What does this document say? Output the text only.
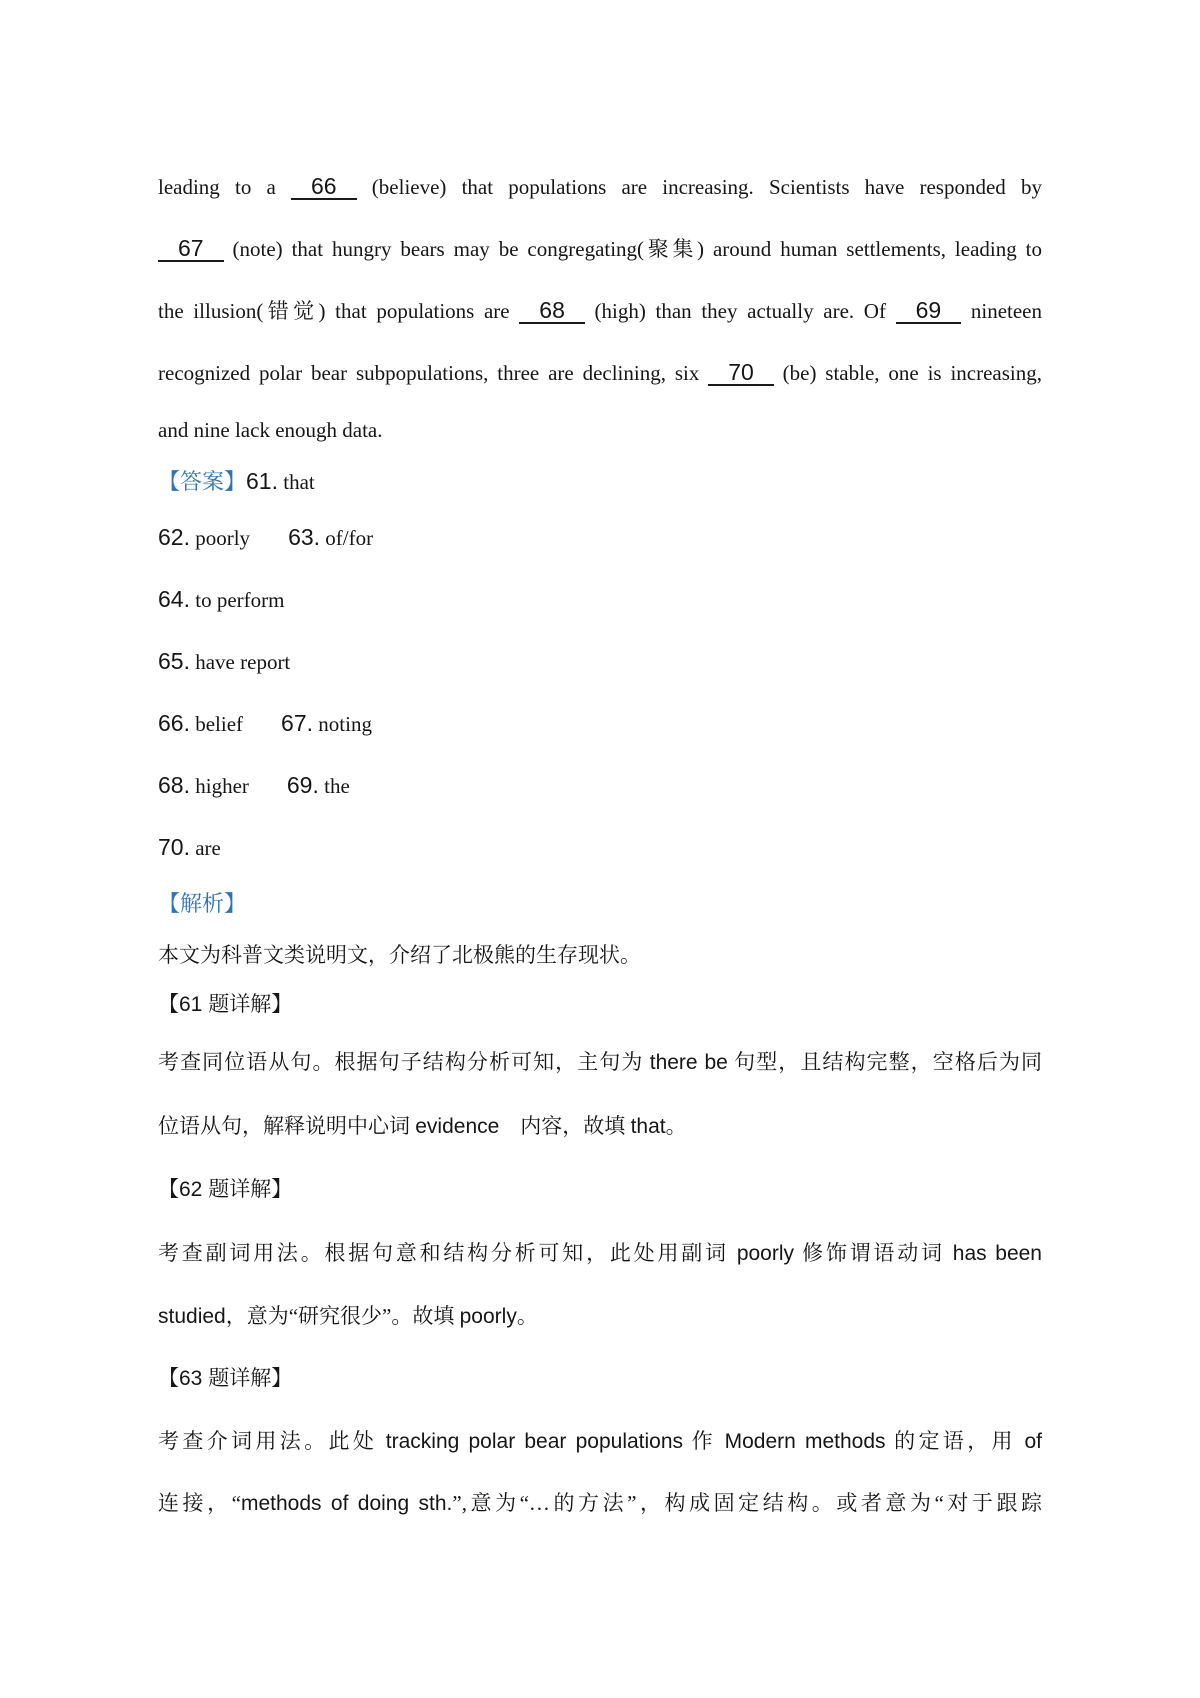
leading to a 66 (believe) that populations are increasing. Scientists have responded by
67 (note) that hungry bears may be congregating(聚集) around human settlements, leading to
the illusion(错觉) that populations are 68 (high) than they actually are. Of 69 nineteen
recognized polar bear subpopulations, three are declining, six 70 (be) stable, one is increasing,
and nine lack enough data.
【答案】61. that
62. poorly 63. of/for
64. to perform
65. have report
66. belief 67. noting
68. higher 69. the
70. are
【解析】
本文为科普文类说明文，介绍了北极熊的生存现状。
【61 题详解】
考查同位语从句。根据句子结构分析可知，主句为 there be 句型，且结构完整，空格后为同
位语从句，解释说明中心词 evidence　内容，故填 that。
【62 题详解】
考查副词用法。根据句意和结构分析可知，此处用副词 poorly 修饰谓语动词 has been
studied，意为“研究很少”。故填 poorly。
【63 题详解】
考查介词用法。此处 tracking polar bear populations 作 Modern methods 的定语，用 of
连接，“methods of doing sth.”,意为“…的方法”，构成固定结构。或者意为“对于跟踪
